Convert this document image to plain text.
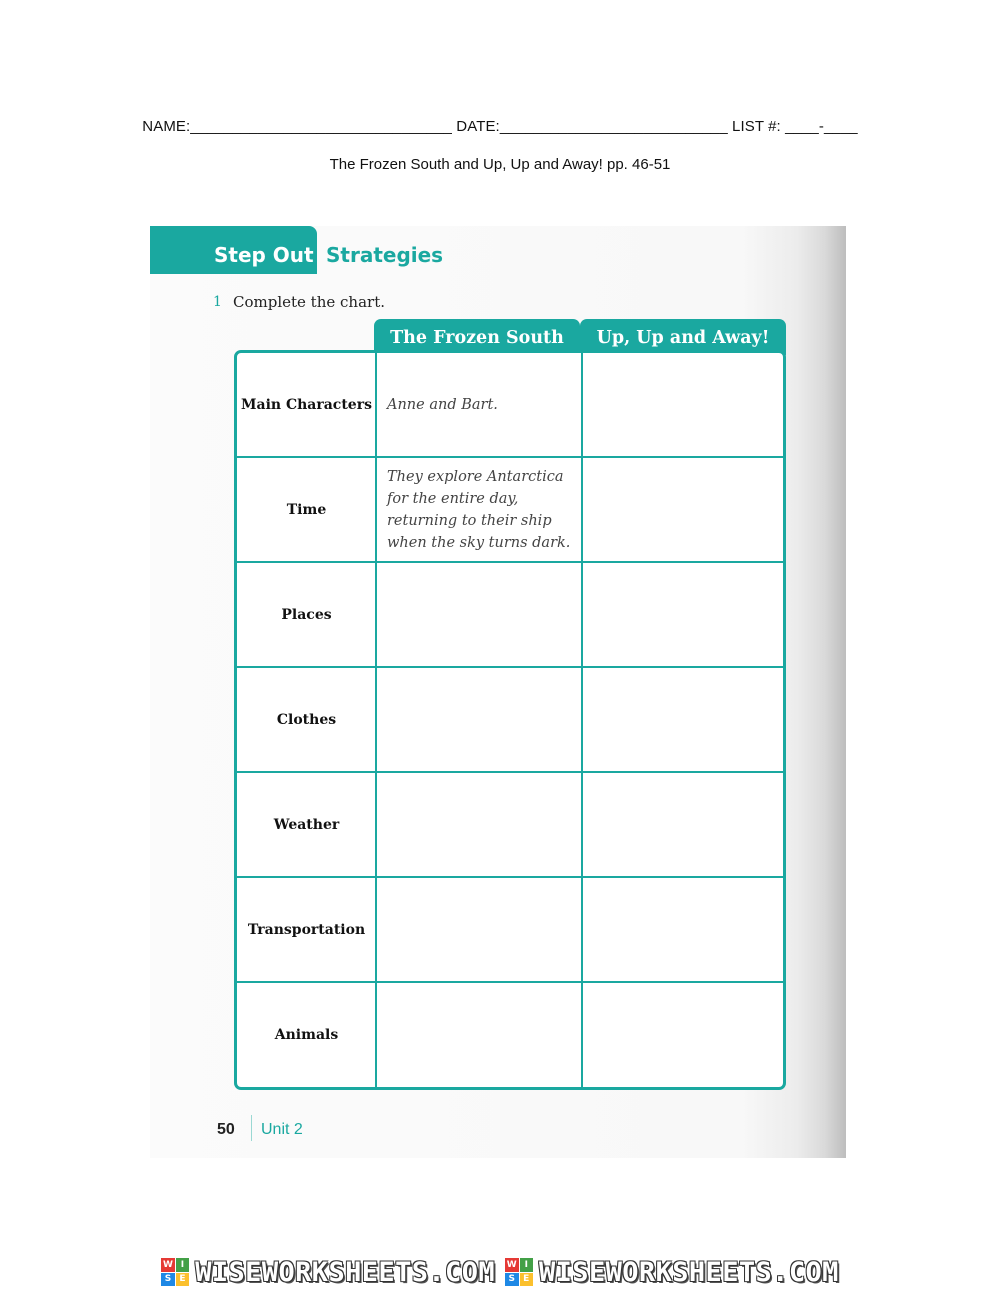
NAME:_______________________________ DATE:___________________________ LIST #: ____-____
The Frozen South and Up, Up and Away! pp. 46-51
Step Out Strategies
1 Complete the chart.
The Frozen South	Up, Up and Away!
Main Characters	Anne and Bart.
Time
They explore Antarctica for the entire day, returning to their ship when the sky turns dark.
Places
Clothes
Weather
Transportation
Animals
50 Unit 2
W I
S E WISEWORKSHEETS.COM W I
S E WISEWORKSHEETS.COM
